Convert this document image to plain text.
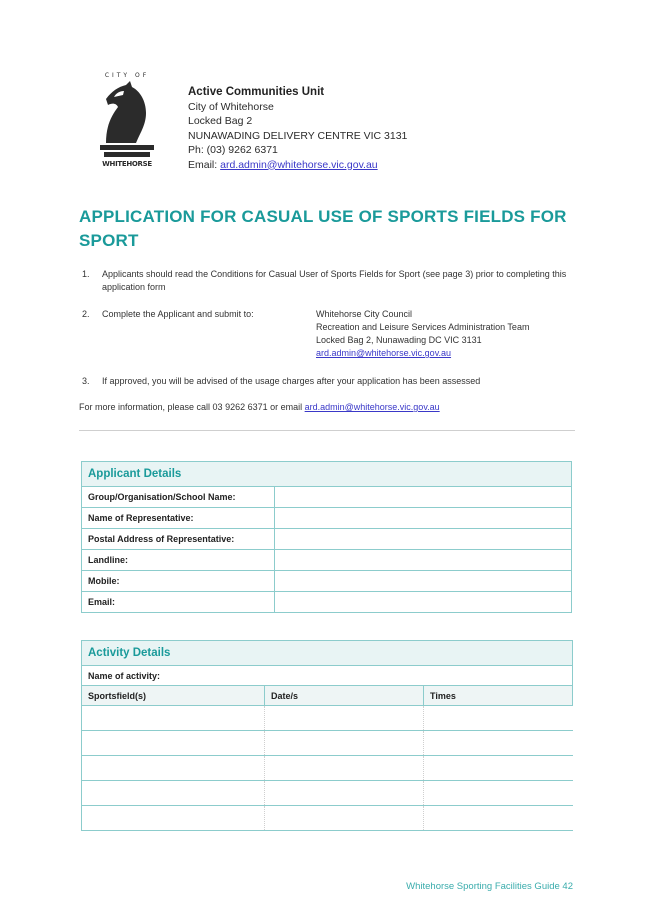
CITY OF
WHITEHORSE
Active Communities Unit
City of Whitehorse
Locked Bag 2
NUNAWADING DELIVERY CENTRE VIC 3131
Ph: (03) 9262 6371
Email: ard.admin@whitehorse.vic.gov.au
APPLICATION FOR CASUAL USE OF SPORTS FIELDS FOR SPORT
1. Applicants should read the Conditions for Casual User of Sports Fields for Sport (see page 3) prior to completing this application form
2. Complete the Applicant and submit to:	Whitehorse City Council
Recreation and Leisure Services Administration Team
Locked Bag 2, Nunawading DC VIC 3131
ard.admin@whitehorse.vic.gov.au
3. If approved, you will be advised of the usage charges after your application has been assessed
For more information, please call 03 9262 6371 or email ard.admin@whitehorse.vic.gov.au
Applicant Details	
Group/Organisation/School Name:	
Name of Representative:	
Postal Address of Representative:	
Landline:	
Mobile:	
Email:	
Activity Details		
Name of activity:		
Sportsfield(s)	Date/s	Times

Whitehorse Sporting Facilities Guide 42
